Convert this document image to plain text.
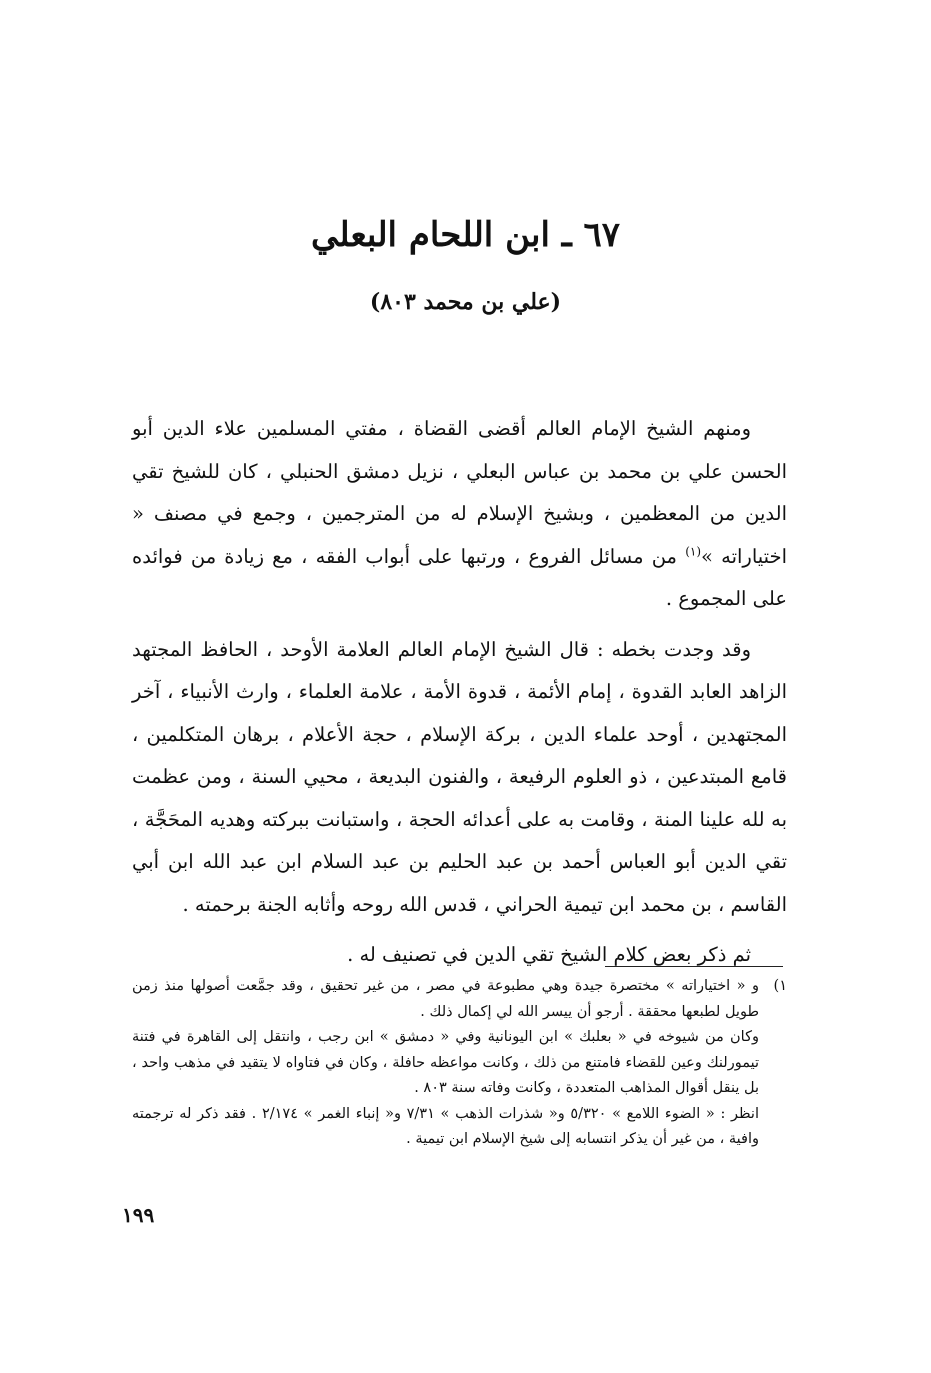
٦٧ ـ ابن اللحام البعلي
(علي بن محمد ٨٠٣)

ومنهم الشيخ الإمام العالم أقضى القضاة ، مفتي المسلمين علاء الدين أبو الحسن علي بن محمد بن عباس البعلي ، نزيل دمشق الحنبلي ، كان للشيخ تقي الدين من المعظمين ، وبشيخ الإسلام له من المترجمين ، وجمع في مصنف « اختياراته »$^{(١)}$ من مسائل الفروع ، ورتبها على أبواب الفقه ، مع زيادة من فوائده على المجموع .

وقد وجدت بخطه : قال الشيخ الإمام العالم العلامة الأوحد ، الحافظ المجتهد الزاهد العابد القدوة ، إمام الأئمة ، قدوة الأمة ، علامة العلماء ، وارث الأنبياء ، آخر المجتهدين ، أوحد علماء الدين ، بركة الإسلام ، حجة الأعلام ، برهان المتكلمين ، قامع المبتدعين ، ذو العلوم الرفيعة ، والفنون البديعة ، محيي السنة ، ومن عظمت به لله علينا المنة ، وقامت به على أعدائه الحجة ، واستبانت ببركته وهديه المحَجَّة ، تقي الدين أبو العباس أحمد بن عبد الحليم بن عبد السلام ابن عبد الله ابن أبي القاسم ، بن محمد ابن تيمية الحراني ، قدس الله روحه وأثابه الجنة برحمته .

ثم ذكر بعض كلام الشيخ تقي الدين في تصنيف له .

١)و « اختياراته » مختصرة جيدة وهي مطبوعة في مصر ، من غير تحقيق ، وقد جمَّعت أصولها منذ زمن طويل لطبعها محققة . أرجو أن ييسر الله لي إكمال ذلك .

وكان من شيوخه في « بعلبك » ابن اليونانية وفي « دمشق » ابن رجب ، وانتقل إلى القاهرة في فتنة تيمورلنك وعين للقضاء فامتنع من ذلك ، وكانت مواعظه حافلة ، وكان في فتاواه لا يتقيد في مذهب واحد ، بل ينقل أقوال المذاهب المتعددة ، وكانت وفاته سنة ٨٠٣ .

انظر : « الضوء اللامع » ٥/٣٢٠ و« شذرات الذهب » ٧/٣١ و« إنباء الغمر » ٢/١٧٤ . فقد ذكر له ترجمته وافية ، من غير أن يذكر انتسابه إلى شيخ الإسلام ابن تيمية .

١٩٩
